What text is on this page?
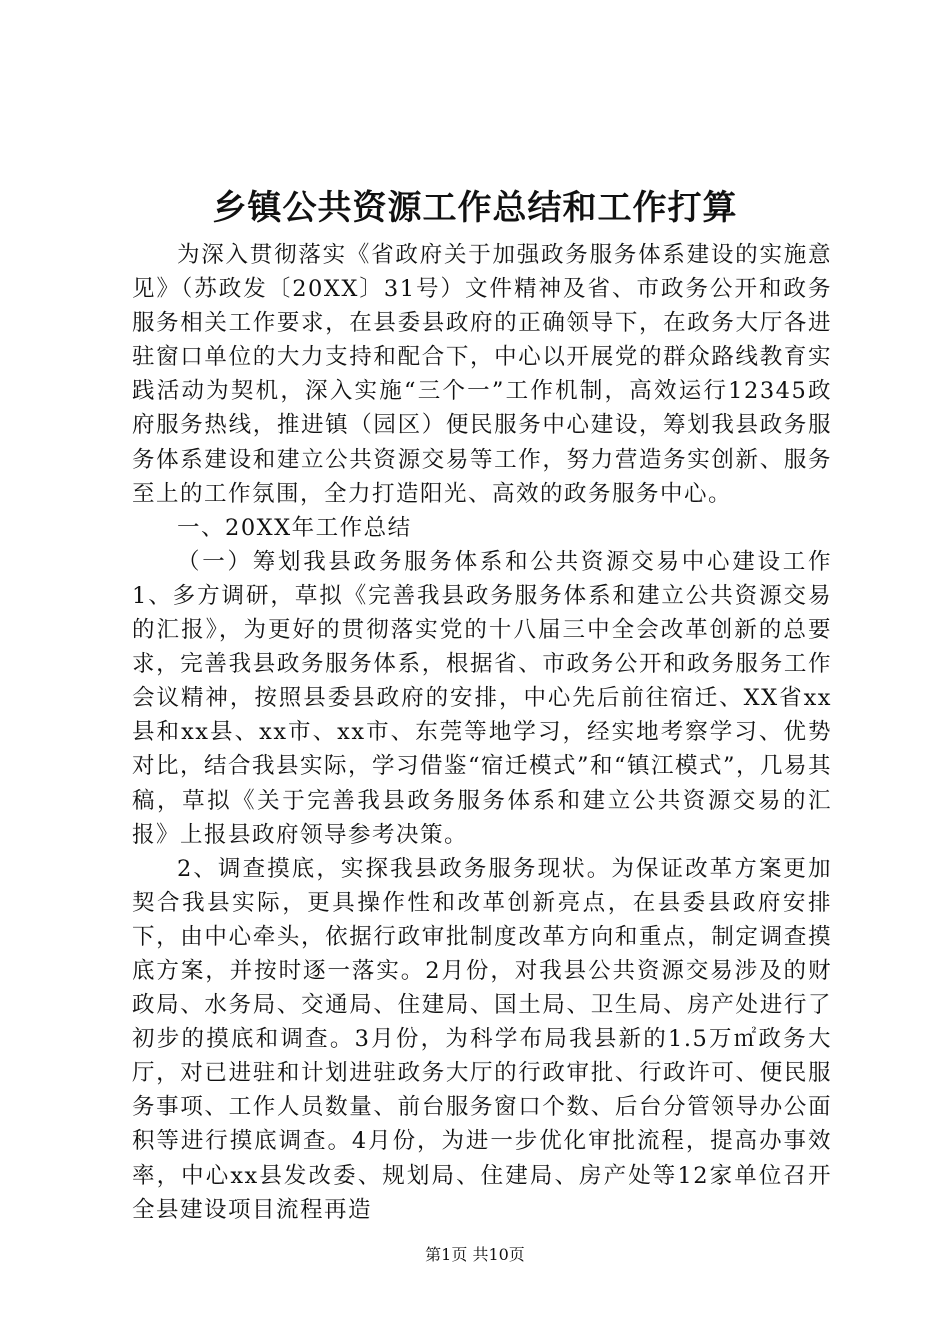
乡镇公共资源工作总结和工作打算

为深入贯彻落实《省政府关于加强政务服务体系建设的实施意见》（苏政发〔20XX〕31号）文件精神及省、市政务公开和政务服务相关工作要求，在县委县政府的正确领导下，在政务大厅各进驻窗口单位的大力支持和配合下，中心以开展党的群众路线教育实践活动为契机，深入实施“三个一”工作机制，高效运行12345政府服务热线，推进镇（园区）便民服务中心建设，筹划我县政务服务体系建设和建立公共资源交易等工作，努力营造务实创新、服务至上的工作氛围，全力打造阳光、高效的政务服务中心。

一、20XX年工作总结

（一）筹划我县政务服务体系和公共资源交易中心建设工作1、多方调研，草拟《完善我县政务服务体系和建立公共资源交易的汇报》，为更好的贯彻落实党的十八届三中全会改革创新的总要求，完善我县政务服务体系，根据省、市政务公开和政务服务工作会议精神，按照县委县政府的安排，中心先后前往宿迁、XX省xx县和xx县、xx市、xx市、东莞等地学习，经实地考察学习、优势对比，结合我县实际，学习借鉴“宿迁模式”和“镇江模式”，几易其稿，草拟《关于完善我县政务服务体系和建立公共资源交易的汇报》上报县政府领导参考决策。

2、调查摸底，实探我县政务服务现状。为保证改革方案更加契合我县实际，更具操作性和改革创新亮点，在县委县政府安排下，由中心牵头，依据行政审批制度改革方向和重点，制定调查摸底方案，并按时逐一落实。2月份，对我县公共资源交易涉及的财政局、水务局、交通局、住建局、国土局、卫生局、房产处进行了初步的摸底和调查。3月份，为科学布局我县新的1.5万㎡政务大厅，对已进驻和计划进驻政务大厅的行政审批、行政许可、便民服务事项、工作人员数量、前台服务窗口个数、后台分管领导办公面积等进行摸底调查。4月份，为进一步优化审批流程，提高办事效率，中心xx县发改委、规划局、住建局、房产处等12家单位召开全县建设项目流程再造

第1页 共10页
